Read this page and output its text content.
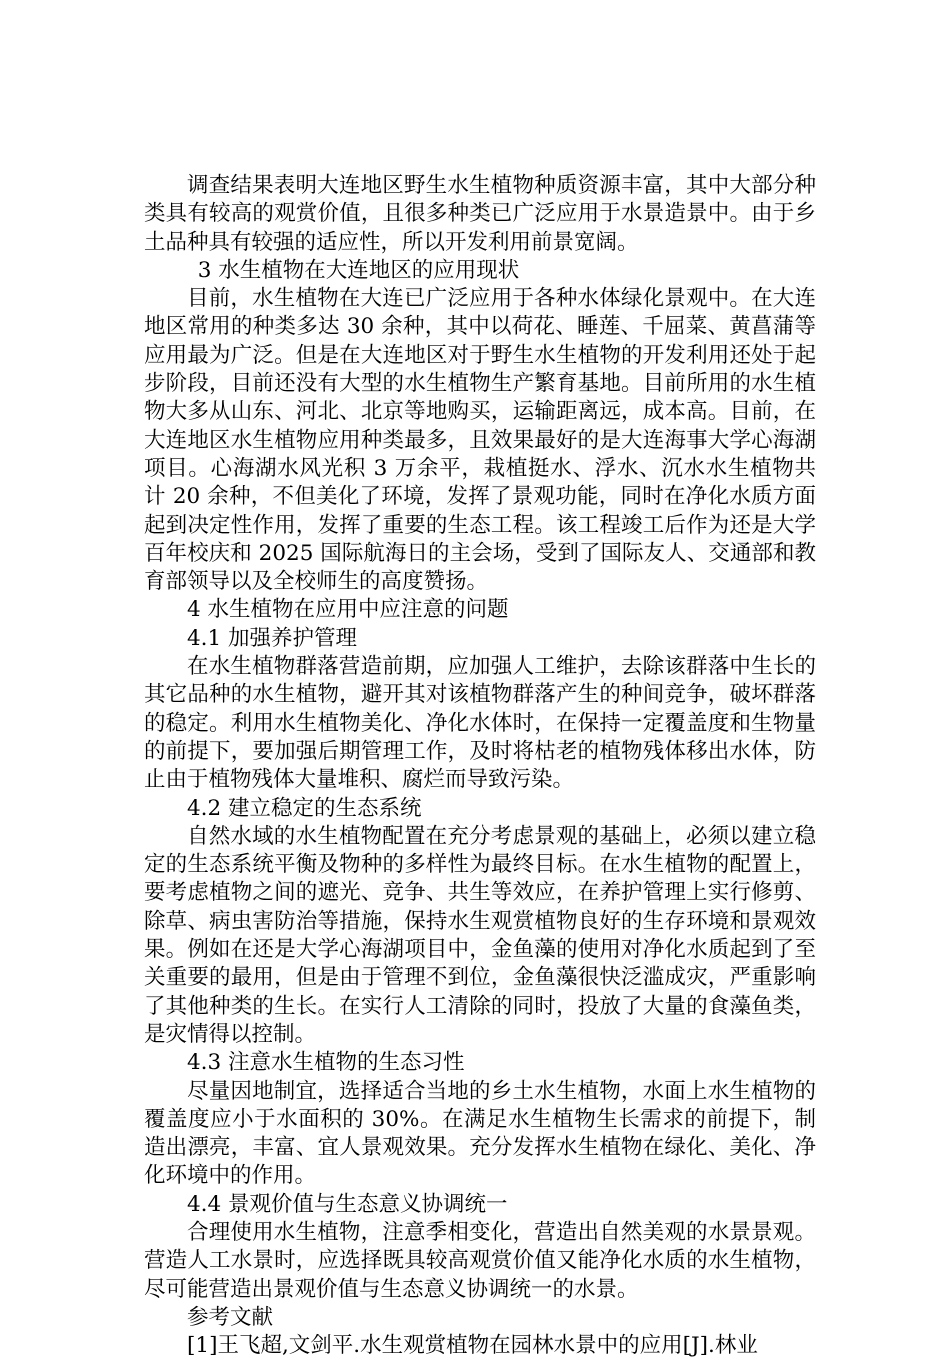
调查结果表明大连地区野生水生植物种质资源丰富，其中大部分种类具有较高的观赏价值，且很多种类已广泛应用于水景造景中。由于乡土品种具有较强的适应性，所以开发利用前景宽阔。

3 水生植物在大连地区的应用现状

目前，水生植物在大连已广泛应用于各种水体绿化景观中。在大连地区常用的种类多达 30 余种，其中以荷花、睡莲、千屈菜、黄菖蒲等应用最为广泛。但是在大连地区对于野生水生植物的开发利用还处于起步阶段，目前还没有大型的水生植物生产繁育基地。目前所用的水生植物大多从山东、河北、北京等地购买，运输距离远，成本高。目前，在大连地区水生植物应用种类最多，且效果最好的是大连海事大学心海湖项目。心海湖水风光积 3 万余平，栽植挺水、浮水、沉水水生植物共计 20 余种，不但美化了环境，发挥了景观功能，同时在净化水质方面起到决定性作用，发挥了重要的生态工程。该工程竣工后作为还是大学百年校庆和 2025 国际航海日的主会场，受到了国际友人、交通部和教育部领导以及全校师生的高度赞扬。

4 水生植物在应用中应注意的问题

4.1 加强养护管理

在水生植物群落营造前期，应加强人工维护，去除该群落中生长的其它品种的水生植物，避开其对该植物群落产生的种间竞争，破坏群落的稳定。利用水生植物美化、净化水体时，在保持一定覆盖度和生物量的前提下，要加强后期管理工作，及时将枯老的植物残体移出水体，防止由于植物残体大量堆积、腐烂而导致污染。

4.2 建立稳定的生态系统

自然水域的水生植物配置在充分考虑景观的基础上，必须以建立稳定的生态系统平衡及物种的多样性为最终目标。在水生植物的配置上，要考虑植物之间的遮光、竞争、共生等效应，在养护管理上实行修剪、除草、病虫害防治等措施，保持水生观赏植物良好的生存环境和景观效果。例如在还是大学心海湖项目中，金鱼藻的使用对净化水质起到了至关重要的最用，但是由于管理不到位，金鱼藻很快泛滥成灾，严重影响了其他种类的生长。在实行人工清除的同时，投放了大量的食藻鱼类，是灾情得以控制。

4.3 注意水生植物的生态习性

尽量因地制宜，选择适合当地的乡土水生植物，水面上水生植物的覆盖度应小于水面积的 30%。在满足水生植物生长需求的前提下，制造出漂亮，丰富、宜人景观效果。充分发挥水生植物在绿化、美化、净化环境中的作用。

4.4 景观价值与生态意义协调统一

合理使用水生植物，注意季相变化，营造出自然美观的水景景观。营造人工水景时，应选择既具较高观赏价值又能净化水质的水生植物，尽可能营造出景观价值与生态意义协调统一的水景。

参考文献

[1]王飞超,文剑平.水生观赏植物在园林水景中的应用[J].林业
